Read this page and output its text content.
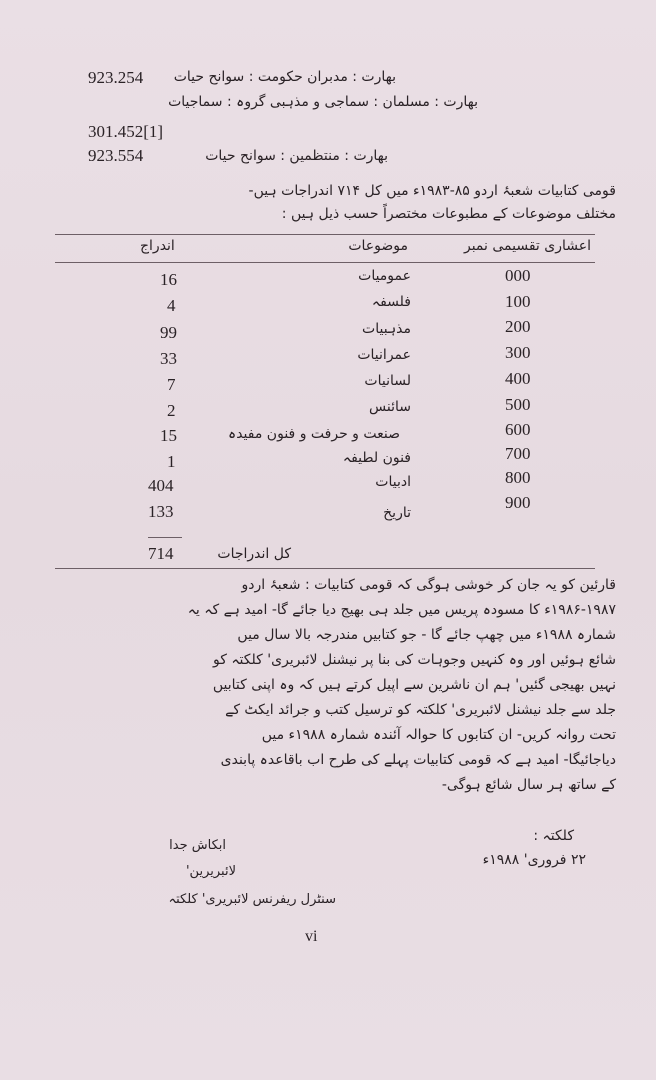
923.254 بھارت : مدبران حکومت : سوانح حیات
بھارت : مسلمان : سماجی و مذہبی گروہ : سماجیات
301.452[1]
923.554	بھارت : منتظمین : سوانح حیات
قومی کتابیات شعبۂ اردو ۸۵-۱۹۸۳ء میں کل ۷۱۴ اندراجات ہیں-
مختلف موضوعات کے مطبوعات مختصراً حسب ذیل ہیں :
اعشاری تقسیمی نمبر
موضوعات
اندراج
000
عمومیات
16
100
فلسفہ
4
200
مذہبیات
99
300
عمرانیات
33
400
لسانیات
7
500
سائنس
2
600
صنعت و حرفت و فنون مفیدہ
15
700
فنون لطیفہ
1
800
ادبیات
404
900
تاریخ
133
714	کل اندراجات
قارئین کو یہ جان کر خوشی ہوگی کہ قومی کتابیات : شعبۂ اردو
۱۹۸۶-۱۹۸۷ء کا مسودہ پریس میں جلد ہی بھیج دیا جائے گا- امید ہے کہ یہ
شمارہ ۱۹۸۸ء میں چھپ جائے گا - جو کتابیں مندرجہ بالا سال میں
شائع ہوئیں اور وہ کنہیں وجوہات کی بنا پر نیشنل لائبریری' کلکتہ کو
نہیں بھیجی گئیں' ہم ان ناشرین سے اپیل کرتے ہیں کہ وہ اپنی کتابیں
جلد سے جلد نیشنل لائبریری' کلکتہ کو ترسیل کتب و جرائد ایکٹ کے
تحت روانہ کریں- ان کتابوں کا حوالہ آئندہ شمارہ ۱۹۸۸ء میں
دیاجائیگا- امید ہے کہ قومی کتابیات پہلے کی طرح اب باقاعدہ پابندی
کے ساتھ ہر سال شائع ہوگی-
کلکتہ :
۲۲ فروری' ۱۹۸۸ء
ابکاش جدا
لائبریرین'
سنٹرل ریفرنس لائبریری' کلکتہ
vi
